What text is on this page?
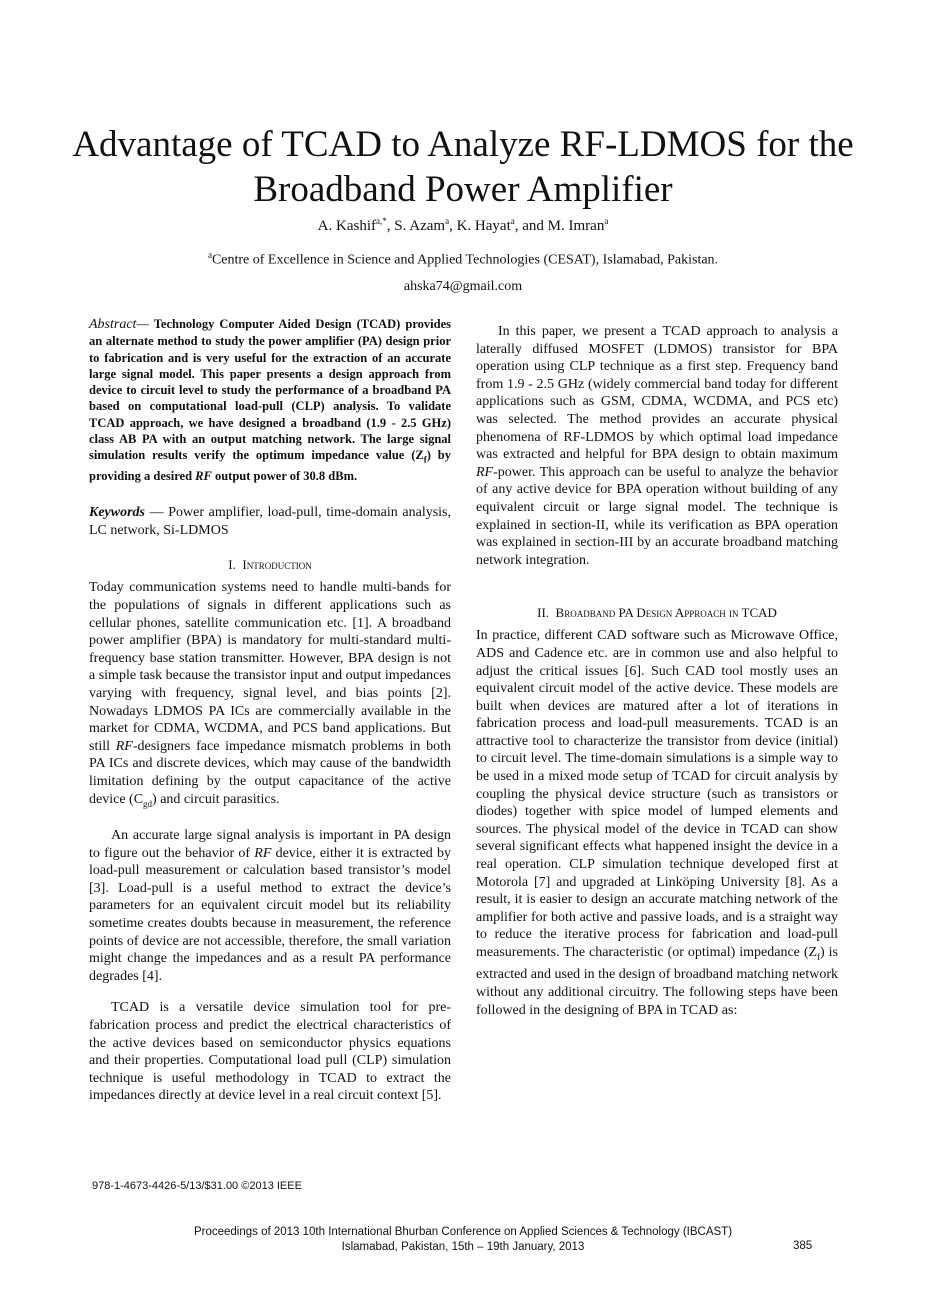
Advantage of TCAD to Analyze RF-LDMOS for the Broadband Power Amplifier
A. Kashif$^{a,*}$, S. Azam$^a$, K. Hayat$^a$, and M. Imran$^a$
$^a$Centre of Excellence in Science and Applied Technologies (CESAT), Islamabad, Pakistan.
ahska74@gmail.com

Abstract— Technology Computer Aided Design (TCAD) provides an alternate method to study the power amplifier (PA) design prior to fabrication and is very useful for the extraction of an accurate large signal model. This paper presents a design approach from device to circuit level to study the performance of a broadband PA based on computational load-pull (CLP) analysis. To validate TCAD approach, we have designed a broadband (1.9 - 2.5 GHz) class AB PA with an output matching network. The large signal simulation results verify the optimum impedance value $(Z_f)$ by providing a desired RF output power of 30.8 dBm.

Keywords — Power amplifier, load-pull, time-domain analysis, LC network, Si-LDMOS

I. Introduction

Today communication systems need to handle multi-bands for the populations of signals in different applications such as cellular phones, satellite communication etc. [1]. A broadband power amplifier (BPA) is mandatory for multi-standard multi-frequency base station transmitter. However, BPA design is not a simple task because the transistor input and output impedances varying with frequency, signal level, and bias points [2]. Nowadays LDMOS PA ICs are commercially available in the market for CDMA, WCDMA, and PCS band applications. But still RF-designers face impedance mismatch problems in both PA ICs and discrete devices, which may cause of the bandwidth limitation defining by the output capacitance of the active device $(C_{gd})$ and circuit parasitics.

An accurate large signal analysis is important in PA design to figure out the behavior of RF device, either it is extracted by load-pull measurement or calculation based transistor’s model [3]. Load-pull is a useful method to extract the device’s parameters for an equivalent circuit model but its reliability sometime creates doubts because in measurement, the reference points of device are not accessible, therefore, the small variation might change the impedances and as a result PA performance degrades [4].

TCAD is a versatile device simulation tool for pre-fabrication process and predict the electrical characteristics of the active devices based on semiconductor physics equations and their properties. Computational load pull (CLP) simulation technique is useful methodology in TCAD to extract the impedances directly at device level in a real circuit context [5].

In this paper, we present a TCAD approach to analysis a laterally diffused MOSFET (LDMOS) transistor for BPA operation using CLP technique as a first step. Frequency band from 1.9 - 2.5 GHz (widely commercial band today for different applications such as GSM, CDMA, WCDMA, and PCS etc) was selected. The method provides an accurate physical phenomena of RF-LDMOS by which optimal load impedance was extracted and helpful for BPA design to obtain maximum RF-power. This approach can be useful to analyze the behavior of any active device for BPA operation without building of any equivalent circuit or large signal model. The technique is explained in section-II, while its verification as BPA operation was explained in section-III by an accurate broadband matching network integration.

II. Broadband PA Design Approach in TCAD

In practice, different CAD software such as Microwave Office, ADS and Cadence etc. are in common use and also helpful to adjust the critical issues [6]. Such CAD tool mostly uses an equivalent circuit model of the active device. These models are built when devices are matured after a lot of iterations in fabrication process and load-pull measurements. TCAD is an attractive tool to characterize the transistor from device (initial) to circuit level. The time-domain simulations is a simple way to be used in a mixed mode setup of TCAD for circuit analysis by coupling the physical device structure (such as transistors or diodes) together with spice model of lumped elements and sources. The physical model of the device in TCAD can show several significant effects what happened insight the device in a real operation. CLP simulation technique developed first at Motorola [7] and upgraded at Linköping University [8]. As a result, it is easier to design an accurate matching network of the amplifier for both active and passive loads, and is a straight way to reduce the iterative process for fabrication and load-pull measurements. The characteristic (or optimal) impedance $(Z_f)$ is extracted and used in the design of broadband matching network without any additional circuitry. The following steps have been followed in the designing of BPA in TCAD as:

978-1-4673-4426-5/13/$31.00 ©2013 IEEE
Proceedings of 2013 10th International Bhurban Conference on Applied Sciences & Technology (IBCAST)
Islamabad, Pakistan, 15th – 19th January, 2013	385
